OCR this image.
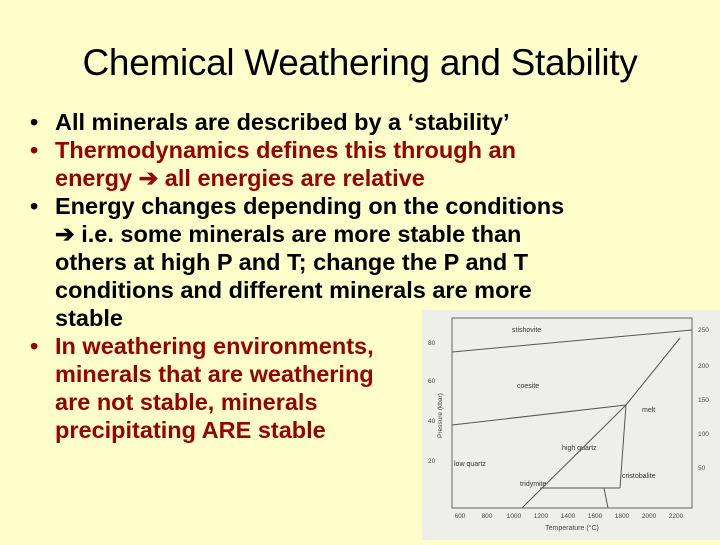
Chemical Weathering and Stability
• All minerals are described by a ‘stability’
• Thermodynamics defines this through an
energy ➔ all energies are relative
• Energy changes depending on the conditions
➔ i.e. some minerals are more stable than
others at high P and T; change the P and T
conditions and different minerals are more
stable
• In weathering environments,
minerals that are weathering
are not stable, minerals
precipitating ARE stable
stishovite
coesite
melt
high quartz
low quartz
tridymite
cristobalite
80
60
40
20
250
200
150
100
50
Pressure (kbar)
600 800 1000 1200 1400 1600 1800 2000 2200
Temperature (°C)
